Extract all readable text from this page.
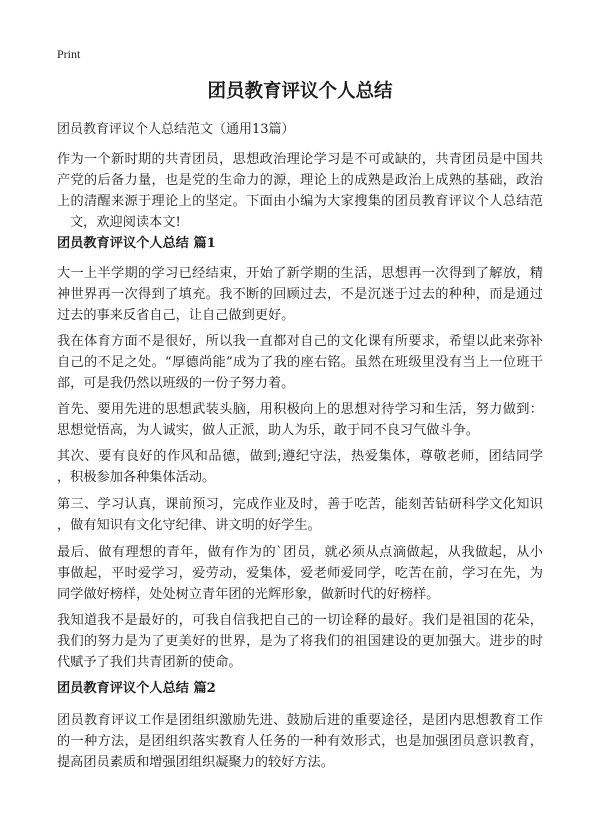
Print
团员教育评议个人总结

团员教育评议个人总结范文（通用13篇）

作为一个新时期的共青团员，思想政治理论学习是不可或缺的，共青团员是中国共
产党的后备力量，也是党的生命力的源，理论上的成熟是政治上成熟的基础，政治
上的清醒来源于理论上的坚定。下面由小编为大家搜集的团员教育评议个人总结范
文，欢迎阅读本文!

团员教育评议个人总结 篇1

大一上半学期的学习已经结束，开始了新学期的生活，思想再一次得到了解放，精
神世界再一次得到了填充。我不断的回顾过去，不是沉迷于过去的种种，而是通过
过去的事来反省自己，让自己做到更好。

我在体育方面不是很好，所以我一直都对自己的文化课有所要求，希望以此来弥补
自己的不足之处。“厚德尚能”成为了我的座右铭。虽然在班级里没有当上一位班干
部，可是我仍然以班级的一份子努力着。

首先、要用先进的思想武装头脑，用积极向上的思想对待学习和生活，努力做到：
思想觉悟高，为人诚实，做人正派，助人为乐，敢于同不良习气做斗争。

其次、要有良好的作风和品德，做到;遵纪守法，热爱集体，尊敬老师，团结同学
，积极参加各种集体活动。

第三、学习认真，课前预习，完成作业及时，善于吃苦，能刻苦钻研科学文化知识
，做有知识有文化守纪律、讲文明的好学生。

最后、做有理想的青年，做有作为的`团员，就必须从点滴做起，从我做起，从小
事做起，平时爱学习，爱劳动，爱集体，爱老师爱同学，吃苦在前，学习在先，为
同学做好榜样，处处树立青年团的光辉形象，做新时代的好榜样。

我知道我不是最好的，可我自信我把自己的一切诠释的最好。我们是祖国的花朵，
我们的努力是为了更美好的世界，是为了将我们的祖国建设的更加强大。进步的时
代赋予了我们共青团新的使命。

团员教育评议个人总结 篇2

团员教育评议工作是团组织激励先进、鼓励后进的重要途径，是团内思想教育工作
的一种方法，是团组织落实教育人任务的一种有效形式，也是加强团员意识教育，
提高团员素质和增强团组织凝聚力的较好方法。
